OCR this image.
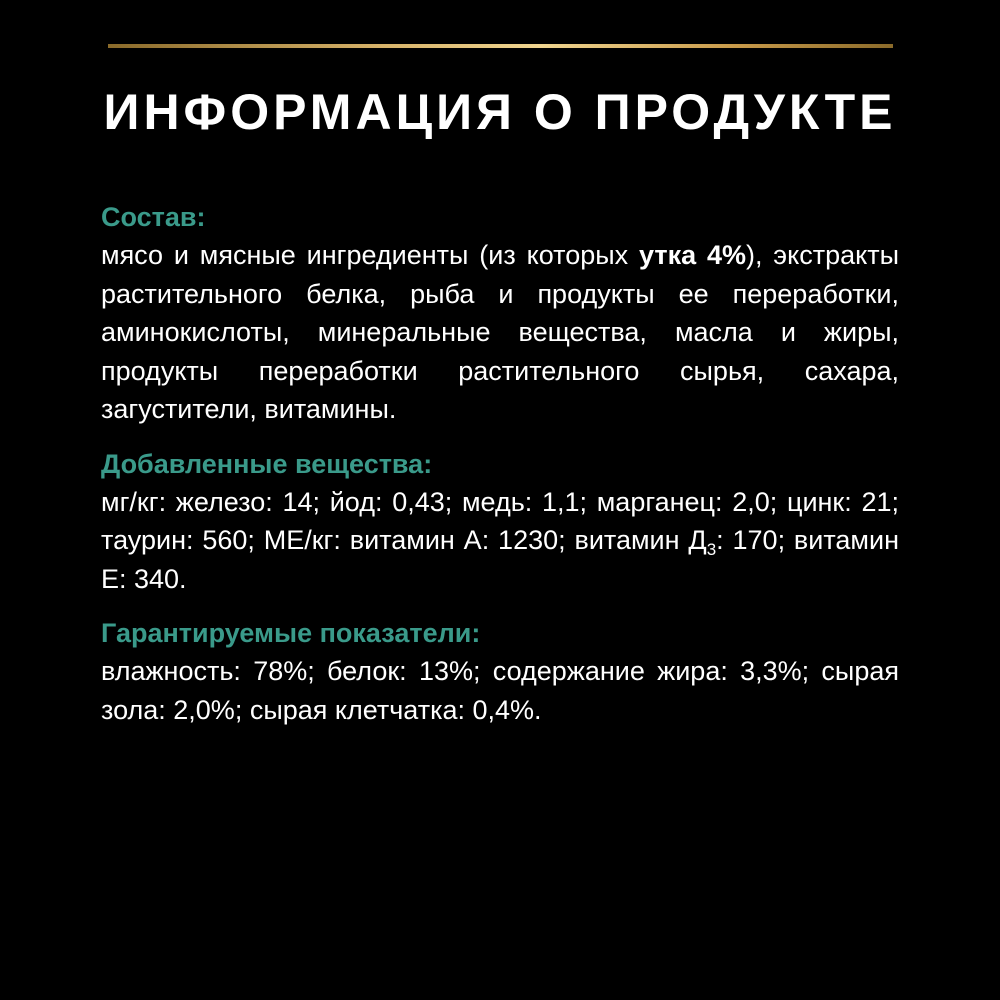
ИНФОРМАЦИЯ О ПРОДУКТЕ

Состав:

мясо и мясные ингредиенты (из которых утка 4%), экстракты растительного белка, рыба и продукты ее переработки, аминокислоты, минеральные вещества, масла и жиры, продукты переработки растительного сырья, сахара, загустители, витамины.

Добавленные вещества:

мг/кг: железо: 14; йод: 0,43; медь: 1,1; марганец: 2,0; цинк: 21; таурин: 560; МЕ/кг: витамин А: 1230; витамин $Д_3$: 170; витамин Е: 340.

Гарантируемые показатели:

влажность: 78%; белок: 13%; содержание жира: 3,3%; сырая зола: 2,0%; сырая клетчатка: 0,4%.
